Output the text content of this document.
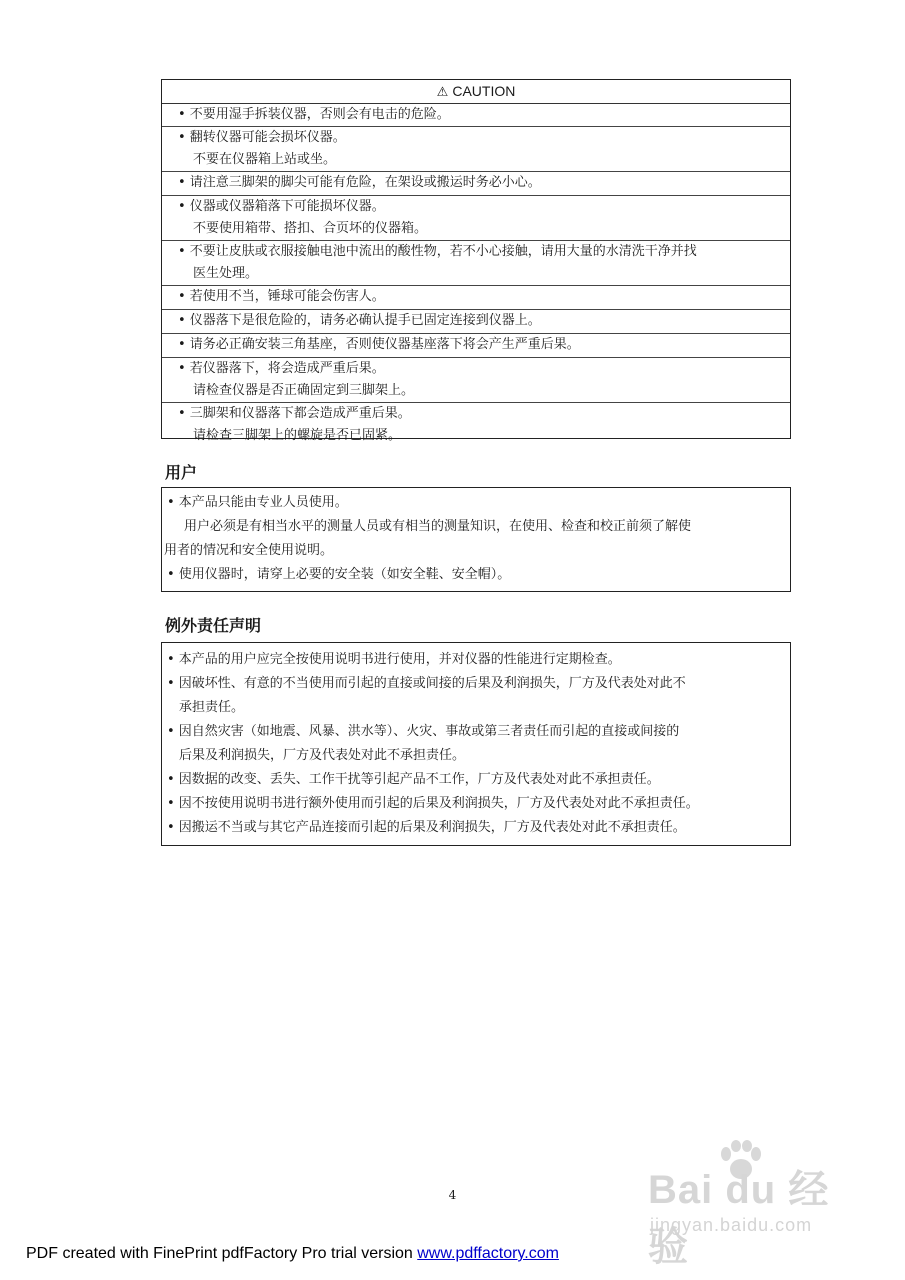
⚠ CAUTION
• 不要用湿手拆装仪器，否则会有电击的危险。
• 翻转仪器可能会损坏仪器。
不要在仪器箱上站或坐。
• 请注意三脚架的脚尖可能有危险，在架设或搬运时务必小心。
• 仪器或仪器箱落下可能损坏仪器。
不要使用箱带、搭扣、合页坏的仪器箱。
• 不要让皮肤或衣服接触电池中流出的酸性物，若不小心接触，请用大量的水清洗干净并找
医生处理。
• 若使用不当，锤球可能会伤害人。
• 仪器落下是很危险的，请务必确认提手已固定连接到仪器上。
• 请务必正确安装三角基座，否则使仪器基座落下将会产生严重后果。
• 若仪器落下，将会造成严重后果。
请检查仪器是否正确固定到三脚架上。
• 三脚架和仪器落下都会造成严重后果。
请检查三脚架上的螺旋是否已固紧。
用户
• 本产品只能由专业人员使用。
用户必须是有相当水平的测量人员或有相当的测量知识，在使用、检查和校正前须了解使
用者的情况和安全使用说明。
• 使用仪器时，请穿上必要的安全装（如安全鞋、安全帽）。
例外责任声明
• 本产品的用户应完全按使用说明书进行使用，并对仪器的性能进行定期检查。
• 因破坏性、有意的不当使用而引起的直接或间接的后果及利润损失，厂方及代表处对此不
承担责任。
• 因自然灾害（如地震、风暴、洪水等）、火灾、事故或第三者责任而引起的直接或间接的
后果及利润损失，厂方及代表处对此不承担责任。
• 因数据的改变、丢失、工作干扰等引起产品不工作，厂方及代表处对此不承担责任。
• 因不按使用说明书进行额外使用而引起的后果及利润损失，厂方及代表处对此不承担责任。
• 因搬运不当或与其它产品连接而引起的后果及利润损失，厂方及代表处对此不承担责任。
4	Bai du 经验
jingyan.baidu.com
PDF created with FinePrint pdfFactory Pro trial version www.pdffactory.com
